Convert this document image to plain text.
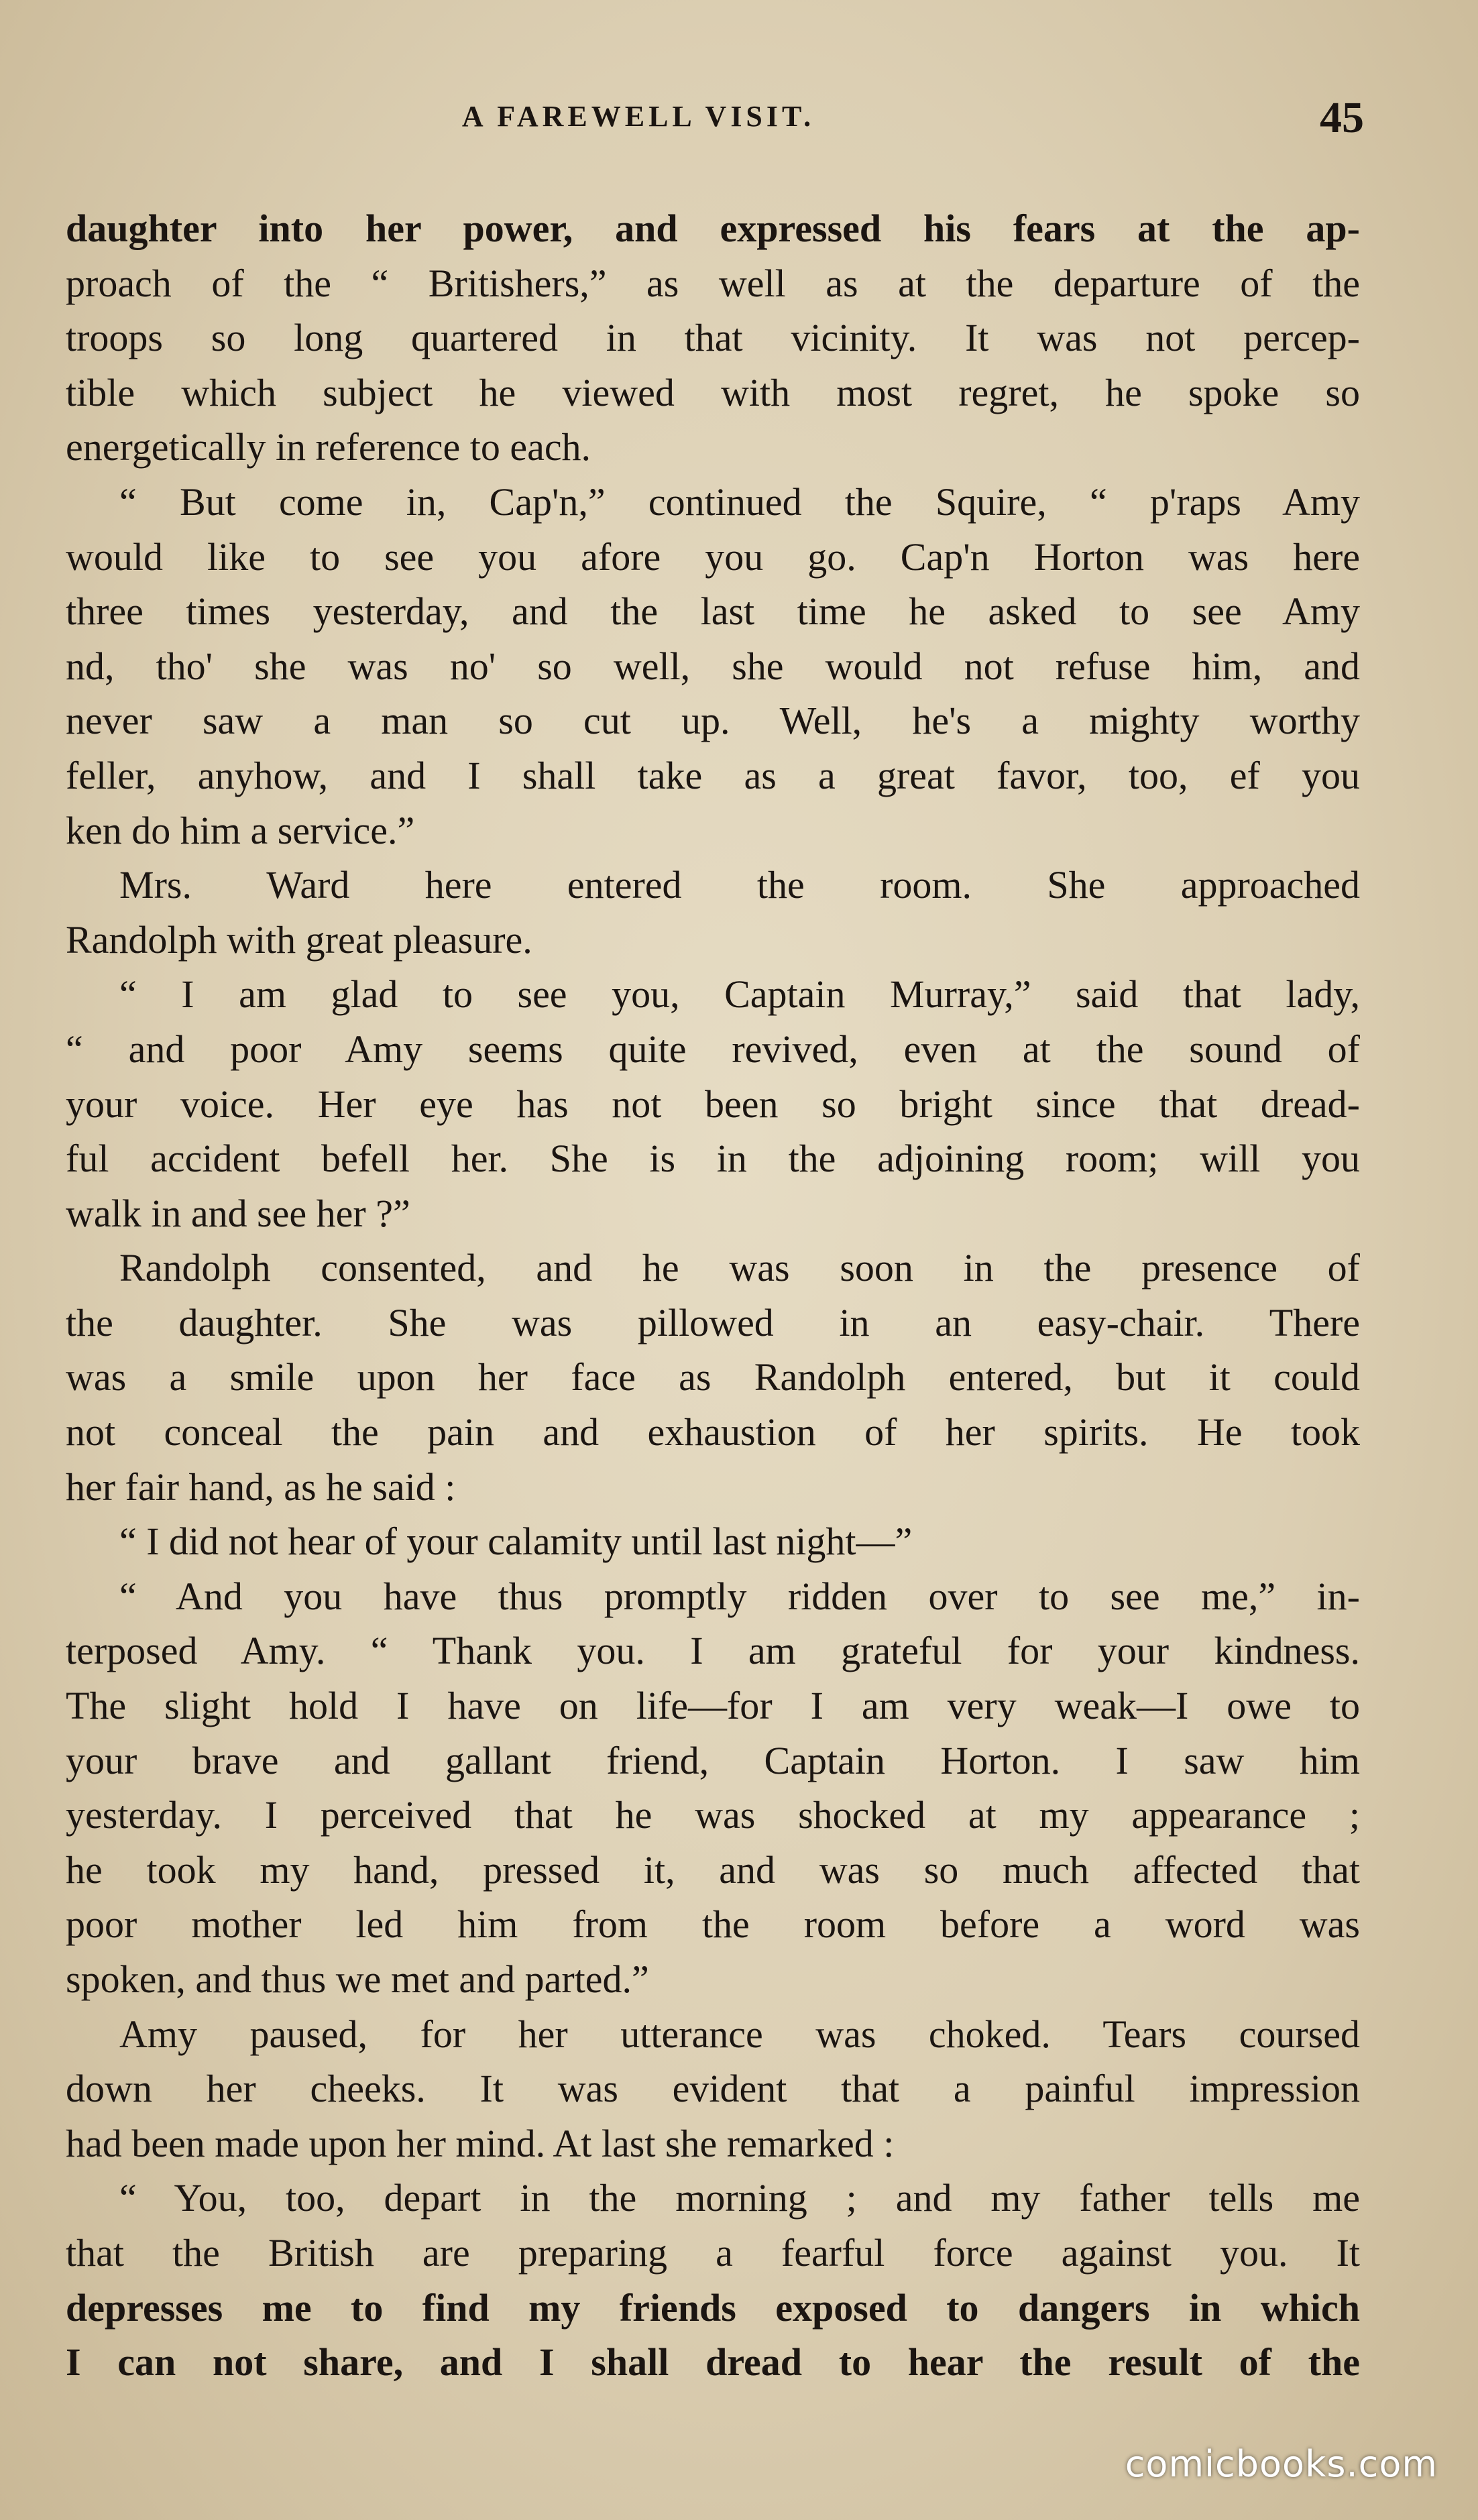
A FAREWELL VISIT.	45
daughter into her power, and expressed his fears at the ap-
proach of the “ Britishers,” as well as at the departure of the
troops so long quartered in that vicinity. It was not percep-
tible which subject he viewed with most regret, he spoke so
energetically in reference to each.
“ But come in, Cap'n,” continued the Squire, “ p'raps Amy
would like to see you afore you go. Cap'n Horton was here
three times yesterday, and the last time he asked to see Amy
nd, tho' she was no' so well, she would not refuse him, and
never saw a man so cut up. Well, he's a mighty worthy
feller, anyhow, and I shall take as a great favor, too, ef you
ken do him a service.”
Mrs. Ward here entered the room. She approached
Randolph with great pleasure.
“ I am glad to see you, Captain Murray,” said that lady,
“ and poor Amy seems quite revived, even at the sound of
your voice. Her eye has not been so bright since that dread-
ful accident befell her. She is in the adjoining room; will you
walk in and see her ?”
Randolph consented, and he was soon in the presence of
the daughter. She was pillowed in an easy-chair. There
was a smile upon her face as Randolph entered, but it could
not conceal the pain and exhaustion of her spirits. He took
her fair hand, as he said :
“ I did not hear of your calamity until last night—”
“ And you have thus promptly ridden over to see me,” in-
terposed Amy. “ Thank you. I am grateful for your kindness.
The slight hold I have on life—for I am very weak—I owe to
your brave and gallant friend, Captain Horton. I saw him
yesterday. I perceived that he was shocked at my appearance ;
he took my hand, pressed it, and was so much affected that
poor mother led him from the room before a word was
spoken, and thus we met and parted.”
Amy paused, for her utterance was choked. Tears coursed
down her cheeks. It was evident that a painful impression
had been made upon her mind. At last she remarked :
“ You, too, depart in the morning ; and my father tells me
that the British are preparing a fearful force against you. It
depresses me to find my friends exposed to dangers in which
I can not share, and I shall dread to hear the result of the
comicbooks.com
